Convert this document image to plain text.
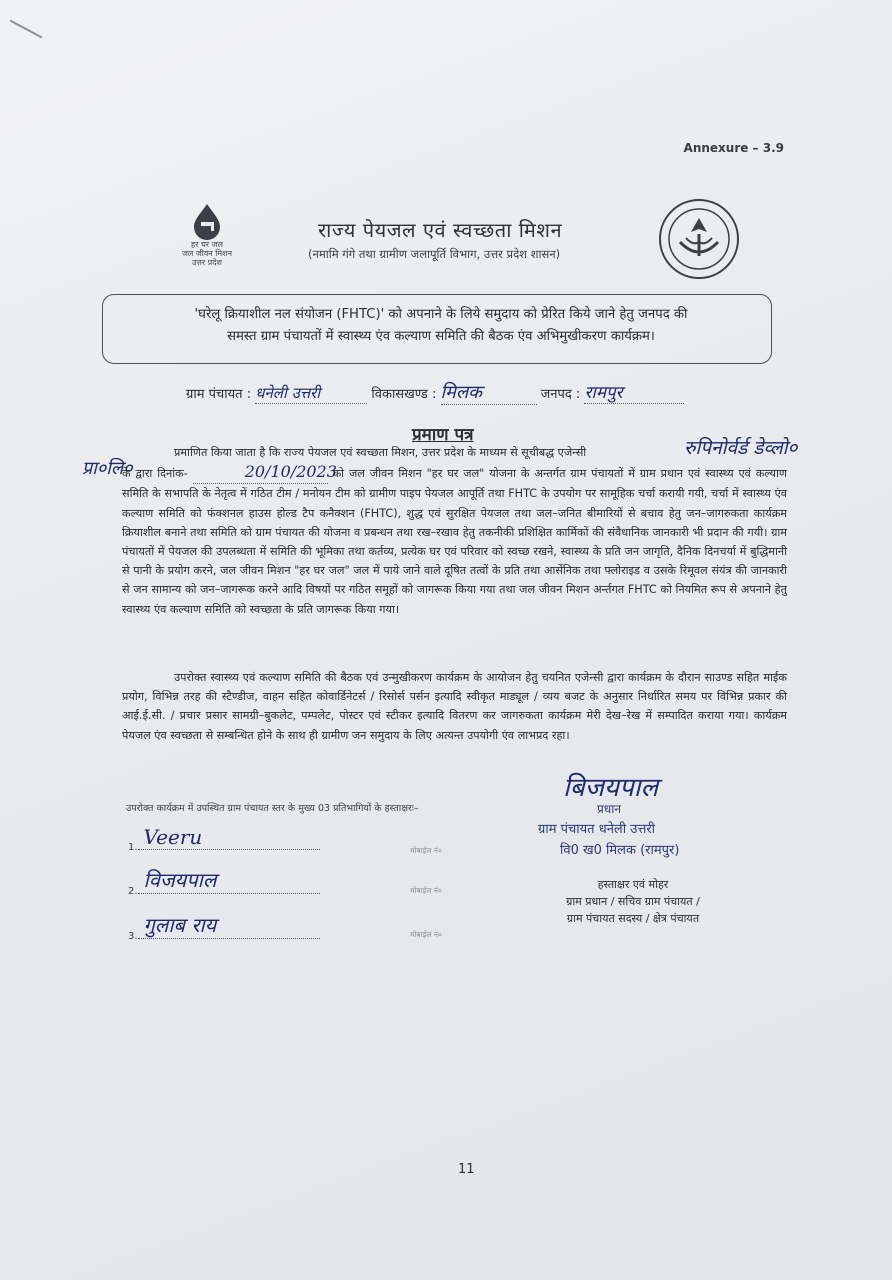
Annexure – 3.9
हर घर जल
जल जीवन मिशन
उत्तर प्रदेश
राज्य पेयजल एवं स्वच्छता मिशन
(नमामि गंगे तथा ग्रामीण जलापूर्ति विभाग, उत्तर प्रदेश शासन)
'घरेलू क्रियाशील नल संयोजन (FHTC)' को अपनाने के लिये समुदाय को प्रेरित किये जाने हेतु जनपद की
समस्त ग्राम पंचायतों में स्वास्थ्य एंव कल्याण समिति की बैठक एंव अभिमुखीकरण कार्यक्रम।
ग्राम पंचायत : धनेली उत्तरी	विकासखण्ड : मिलक	जनपद : रामपुर
प्रमाण पत्र
रुपिनोर्वर्ड डेव्लो०
प्रा०लि०
प्रमाणित किया जाता है कि राज्य पेयजल एवं स्वच्छता मिशन, उत्तर प्रदेश के माध्यम से सूचीबद्ध एजेन्सी
के द्वारा दिनांक-	20/10/2023 को जल जीवन मिशन "हर घर जल" योजना के अन्तर्गत ग्राम पंचायतों में ग्राम प्रधान एवं स्वास्थ्य एवं कल्याण समिति के सभापति के नेतृत्व में गठित टीम / मनोयन टीम को ग्रामीण पाइप पेयजल आपूर्ति तथा FHTC के उपयोग पर सामूहिक चर्चा करायी गयी, चर्चा में स्वास्थ्य एंव कल्याण समिति को फंक्शनल हाउस होल्ड टैप कनैक्शन (FHTC), शुद्ध एवं सुरक्षित पेयजल तथा जल–जनित बीमारियों से बचाव हेतु जन–जागरुकता कार्यक्रम क्रियाशील बनाने तथा समिति को ग्राम पंचायत की योजना व प्रबन्धन तथा रख–रखाव हेतु तकनीकी प्रशिक्षित कार्मिकों की संवैधानिक जानकारी भी प्रदान की गयी। ग्राम पंचायतों में पेयजल की उपलब्धता में समिति की भूमिका तथा कर्तव्य, प्रत्येक घर एवं परिवार को स्वच्छ रखने, स्वास्थ्य के प्रति जन जागृति, दैनिक दिनचर्या में बुद्धिमानी से पानी के प्रयोग करने, जल जीवन मिशन "हर घर जल" जल में पाये जाने वाले दूषित तत्वों के प्रति तथा आर्सेनिक तथा फ्लोराइड व उसके रिमूवल संयंत्र की जानकारी से जन सामान्य को जन–जागरूक करने आदि विषयों पर गठित समूहों को जागरूक किया गया तथा जल जीवन मिशन अर्न्तगत FHTC को नियमित रूप से अपनाने हेतु स्वास्थ्य एंव कल्याण समिति को स्वच्छता के प्रति जागरूक किया गया।
उपरोक्त स्वास्थ्य एवं कल्याण समिति की बैठक एवं उन्मुखीकरण कार्यक्रम के आयोजन हेतु चयनित एजेन्सी द्वारा कार्यक्रम के दौरान साउण्ड सहित माईक प्रयोग, विभिन्न तरह की स्टैण्डीज, वाहन सहित कोवार्डिनेटर्स / रिसोर्स पर्सन इत्यादि स्वीकृत माड्यूल / व्यय बजट के अनुसार निर्धारित समय पर विभिन्न प्रकार की आई.ई.सी. / प्रचार प्रसार सामग्री–बुकलेट, पम्पलेट, पोस्टर एवं स्टीकर इत्यादि वितरण कर जागरुकता कार्यक्रम मेरी देख–रेख में सम्पादित कराया गया। कार्यक्रम पेयजल एंव स्वच्छता से सम्बन्धित होने के साथ ही ग्रामीण जन समुदाय के लिए अत्यन्त उपयोगी एंव लाभप्रद रहा।
उपरोक्त कार्यक्रम में उपस्थित ग्राम पंचायत स्तर के मुख्य 03 प्रतिभागियों के हस्ताक्षरः–
1. Veeru
मोबाईल नं०
2. विजयपाल	मोबाईल नं०
3. गुलाब राय	मोबाईल नं०
बिजयपाल
प्रधान
ग्राम पंचायत धनेली उत्तरी
वि0 ख0 मिलक (रामपुर)
हस्ताक्षर एवं मोहर
ग्राम प्रधान / सचिव ग्राम पंचायत /
ग्राम पंचायत सदस्य / क्षेत्र पंचायत
11
